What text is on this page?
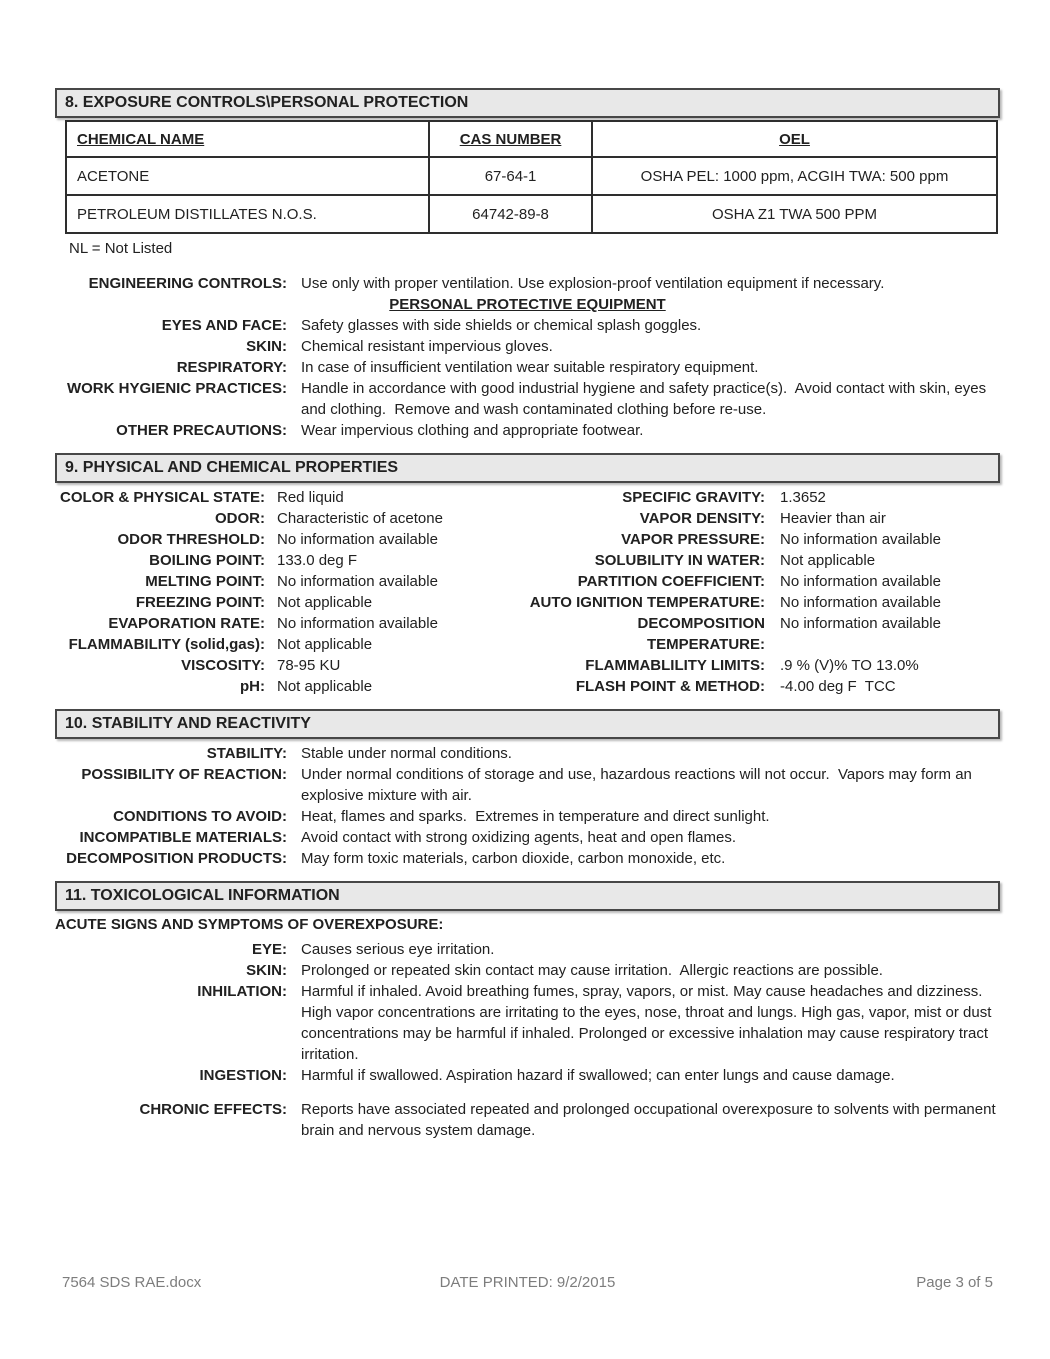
8. EXPOSURE CONTROLS\PERSONAL PROTECTION
CHEMICAL NAME	CAS NUMBER	OEL
ACETONE	67-64-1	OSHA PEL: 1000 ppm, ACGIH TWA: 500 ppm
PETROLEUM DISTILLATES N.O.S.	64742-89-8	OSHA Z1 TWA 500 PPM
NL = Not Listed
ENGINEERING CONTROLS: Use only with proper ventilation. Use explosion-proof ventilation equipment if necessary.
PERSONAL PROTECTIVE EQUIPMENT
EYES AND FACE: Safety glasses with side shields or chemical splash goggles.
SKIN: Chemical resistant impervious gloves.
RESPIRATORY: In case of insufficient ventilation wear suitable respiratory equipment.
WORK HYGIENIC PRACTICES: Handle in accordance with good industrial hygiene and safety practice(s).  Avoid contact with skin, eyes and clothing.  Remove and wash contaminated clothing before re-use.
OTHER PRECAUTIONS: Wear impervious clothing and appropriate footwear.
9. PHYSICAL AND CHEMICAL PROPERTIES
COLOR & PHYSICAL STATE: Red liquid
ODOR: Characteristic of acetone
ODOR THRESHOLD: No information available
BOILING POINT: 133.0 deg F
MELTING POINT: No information available
FREEZING POINT: Not applicable
EVAPORATION RATE: No information available
FLAMMABILITY (solid,gas): Not applicable
VISCOSITY: 78-95 KU
pH: Not applicable
SPECIFIC GRAVITY: 1.3652
VAPOR DENSITY: Heavier than air
VAPOR PRESSURE: No information available
SOLUBILITY IN WATER: Not applicable
PARTITION COEFFICIENT: No information available
AUTO IGNITION TEMPERATURE: No information available
DECOMPOSITION TEMPERATURE:
No information available
FLAMMABLILITY LIMITS: .9 % (V)% TO 13.0%
FLASH POINT & METHOD: -4.00 deg F  TCC
10. STABILITY AND REACTIVITY
STABILITY: Stable under normal conditions.
POSSIBILITY OF REACTION: Under normal conditions of storage and use, hazardous reactions will not occur.  Vapors may form an explosive mixture with air.
CONDITIONS TO AVOID: Heat, flames and sparks.  Extremes in temperature and direct sunlight.
INCOMPATIBLE MATERIALS: Avoid contact with strong oxidizing agents, heat and open flames.
DECOMPOSITION PRODUCTS: May form toxic materials, carbon dioxide, carbon monoxide, etc.
11. TOXICOLOGICAL INFORMATION
ACUTE SIGNS AND SYMPTOMS OF OVEREXPOSURE:
EYE: Causes serious eye irritation.
SKIN: Prolonged or repeated skin contact may cause irritation.  Allergic reactions are possible.
INHILATION: Harmful if inhaled. Avoid breathing fumes, spray, vapors, or mist. May cause headaches and dizziness. High vapor concentrations are irritating to the eyes, nose, throat and lungs. High gas, vapor, mist or dust concentrations may be harmful if inhaled. Prolonged or excessive inhalation may cause respiratory tract irritation.
INGESTION: Harmful if swallowed. Aspiration hazard if swallowed; can enter lungs and cause damage.
CHRONIC EFFECTS: Reports have associated repeated and prolonged occupational overexposure to solvents with permanent brain and nervous system damage.
7564 SDS RAE.docx	DATE PRINTED: 9/2/2015	Page 3 of 5
